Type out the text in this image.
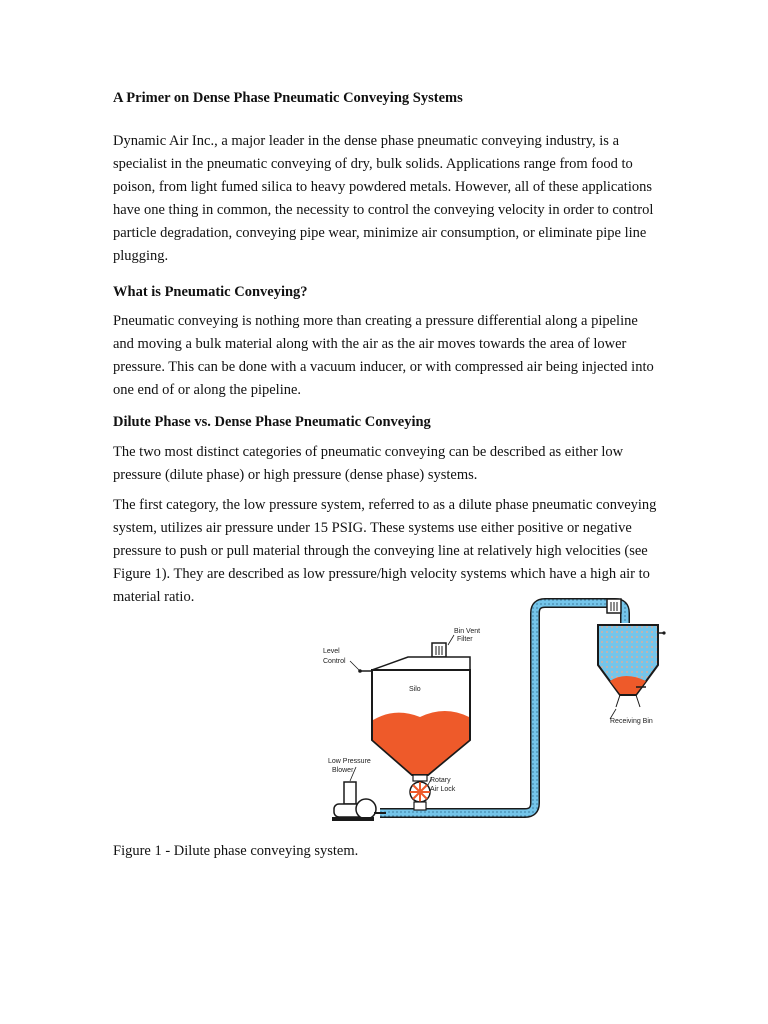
A Primer on Dense Phase Pneumatic Conveying Systems

Dynamic Air Inc., a major leader in the dense phase pneumatic conveying industry, is a specialist in the pneumatic conveying of dry, bulk solids. Applications range from food to poison, from light fumed silica to heavy powdered metals. However, all of these applications have one thing in common, the necessity to control the conveying velocity in order to control particle degradation, conveying pipe wear, minimize air consumption, or eliminate pipe line plugging.

What is Pneumatic Conveying?

Pneumatic conveying is nothing more than creating a pressure differential along a pipeline and moving a bulk material along with the air as the air moves towards the area of lower pressure. This can be done with a vacuum inducer, or with compressed air being injected into one end of or along the pipeline.

Dilute Phase vs. Dense Phase Pneumatic Conveying

The two most distinct categories of pneumatic conveying can be described as either low pressure (dilute phase) or high pressure (dense phase) systems.

The first category, the low pressure system, referred to as a dilute phase pneumatic conveying system, utilizes air pressure under 15 PSIG. These systems use either positive or negative pressure to push or pull material through the conveying line at relatively high velocities (see Figure 1). They are described as low pressure/high velocity systems which have a high air to material ratio.

Bin Vent
Filter
Level
Control
Silo
Receiving Bin
Low Pressure
Blower
Rotary
Air Lock

Figure 1 - Dilute phase conveying system.
